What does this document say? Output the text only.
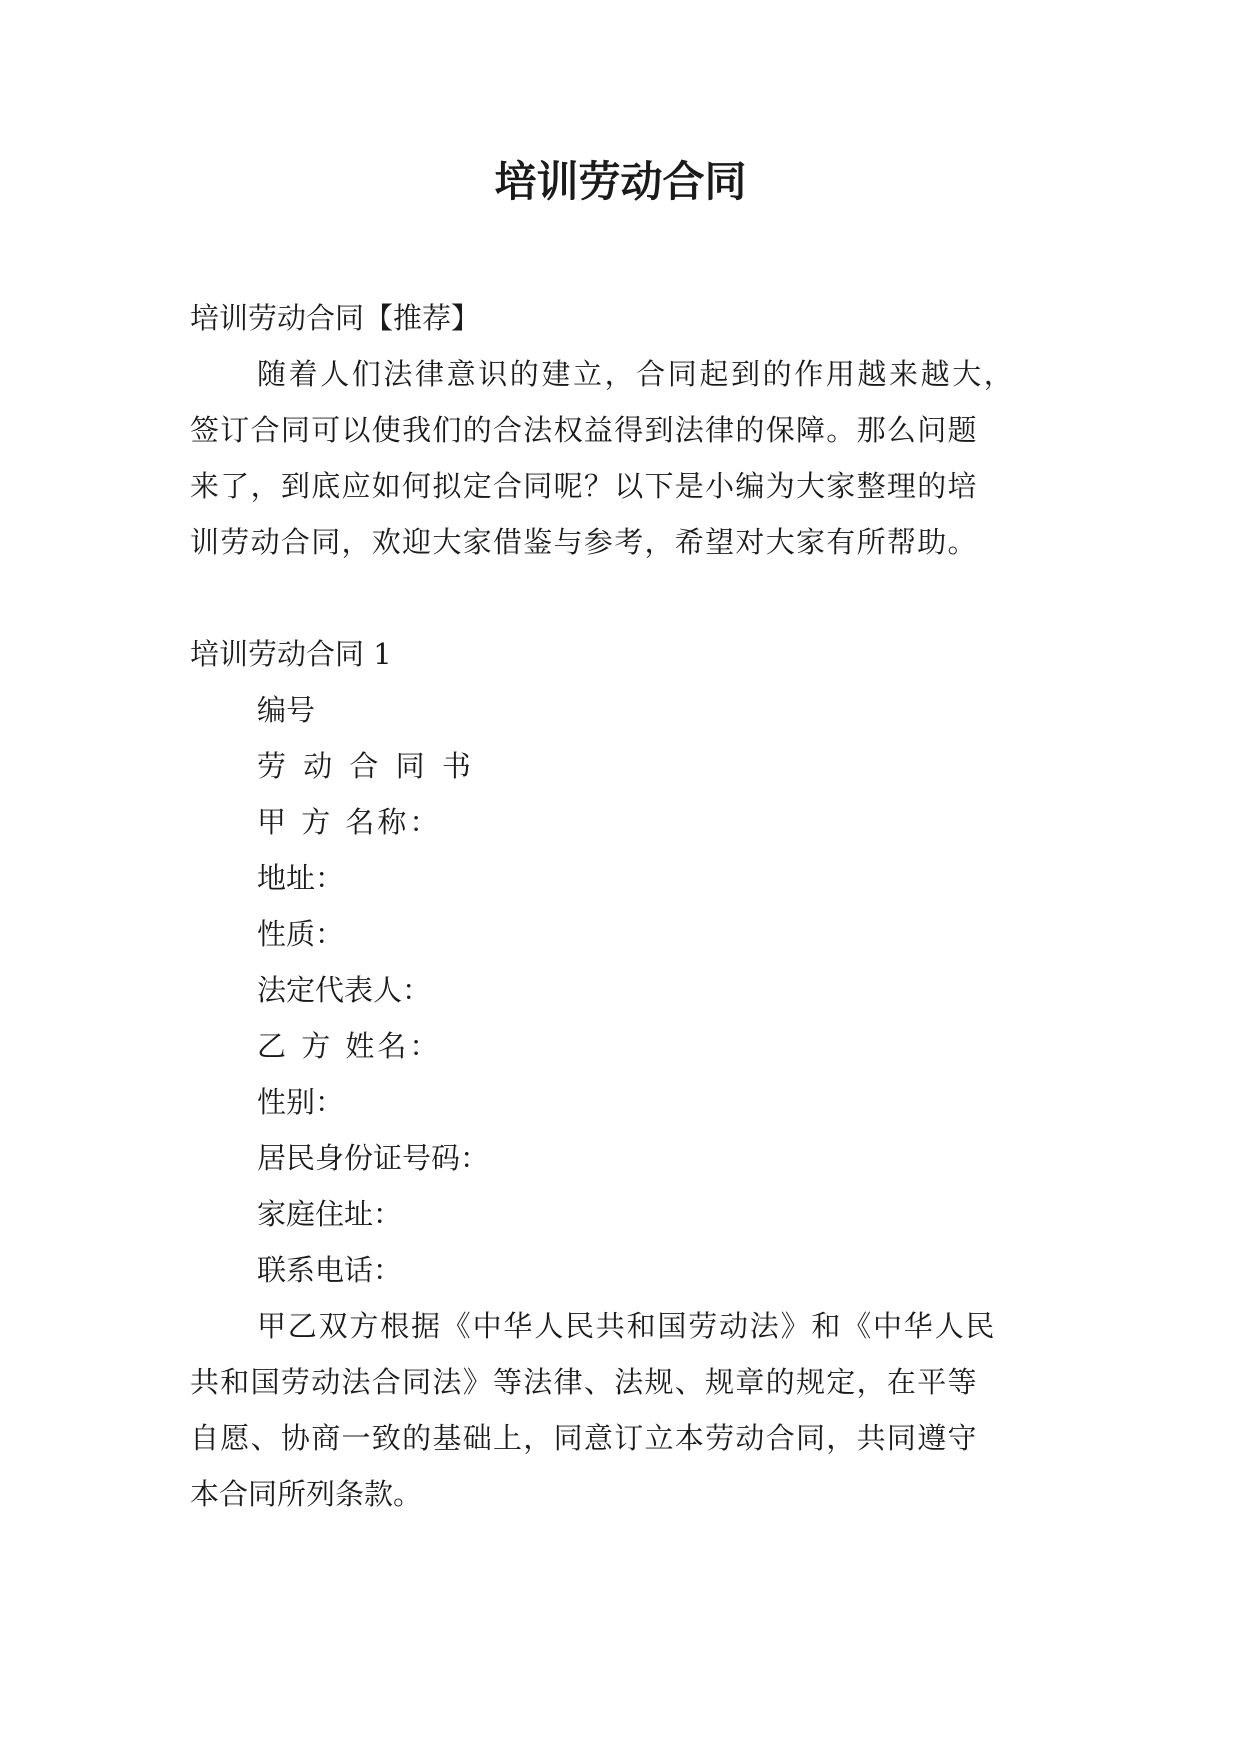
培训劳动合同
培训劳动合同【推荐】
随着人们法律意识的建立，合同起到的作用越来越大，
签订合同可以使我们的合法权益得到法律的保障。那么问题
来了，到底应如何拟定合同呢？以下是小编为大家整理的培
训劳动合同，欢迎大家借鉴与参考，希望对大家有所帮助。
培训劳动合同 1
编号
劳 动 合 同 书
甲 方 名称：
地址：
性质：
法定代表人：
乙 方 姓名：
性别：
居民身份证号码：
家庭住址：
联系电话：
甲乙双方根据《中华人民共和国劳动法》和《中华人民
共和国劳动法合同法》等法律、法规、规章的规定，在平等
自愿、协商一致的基础上，同意订立本劳动合同，共同遵守
本合同所列条款。
